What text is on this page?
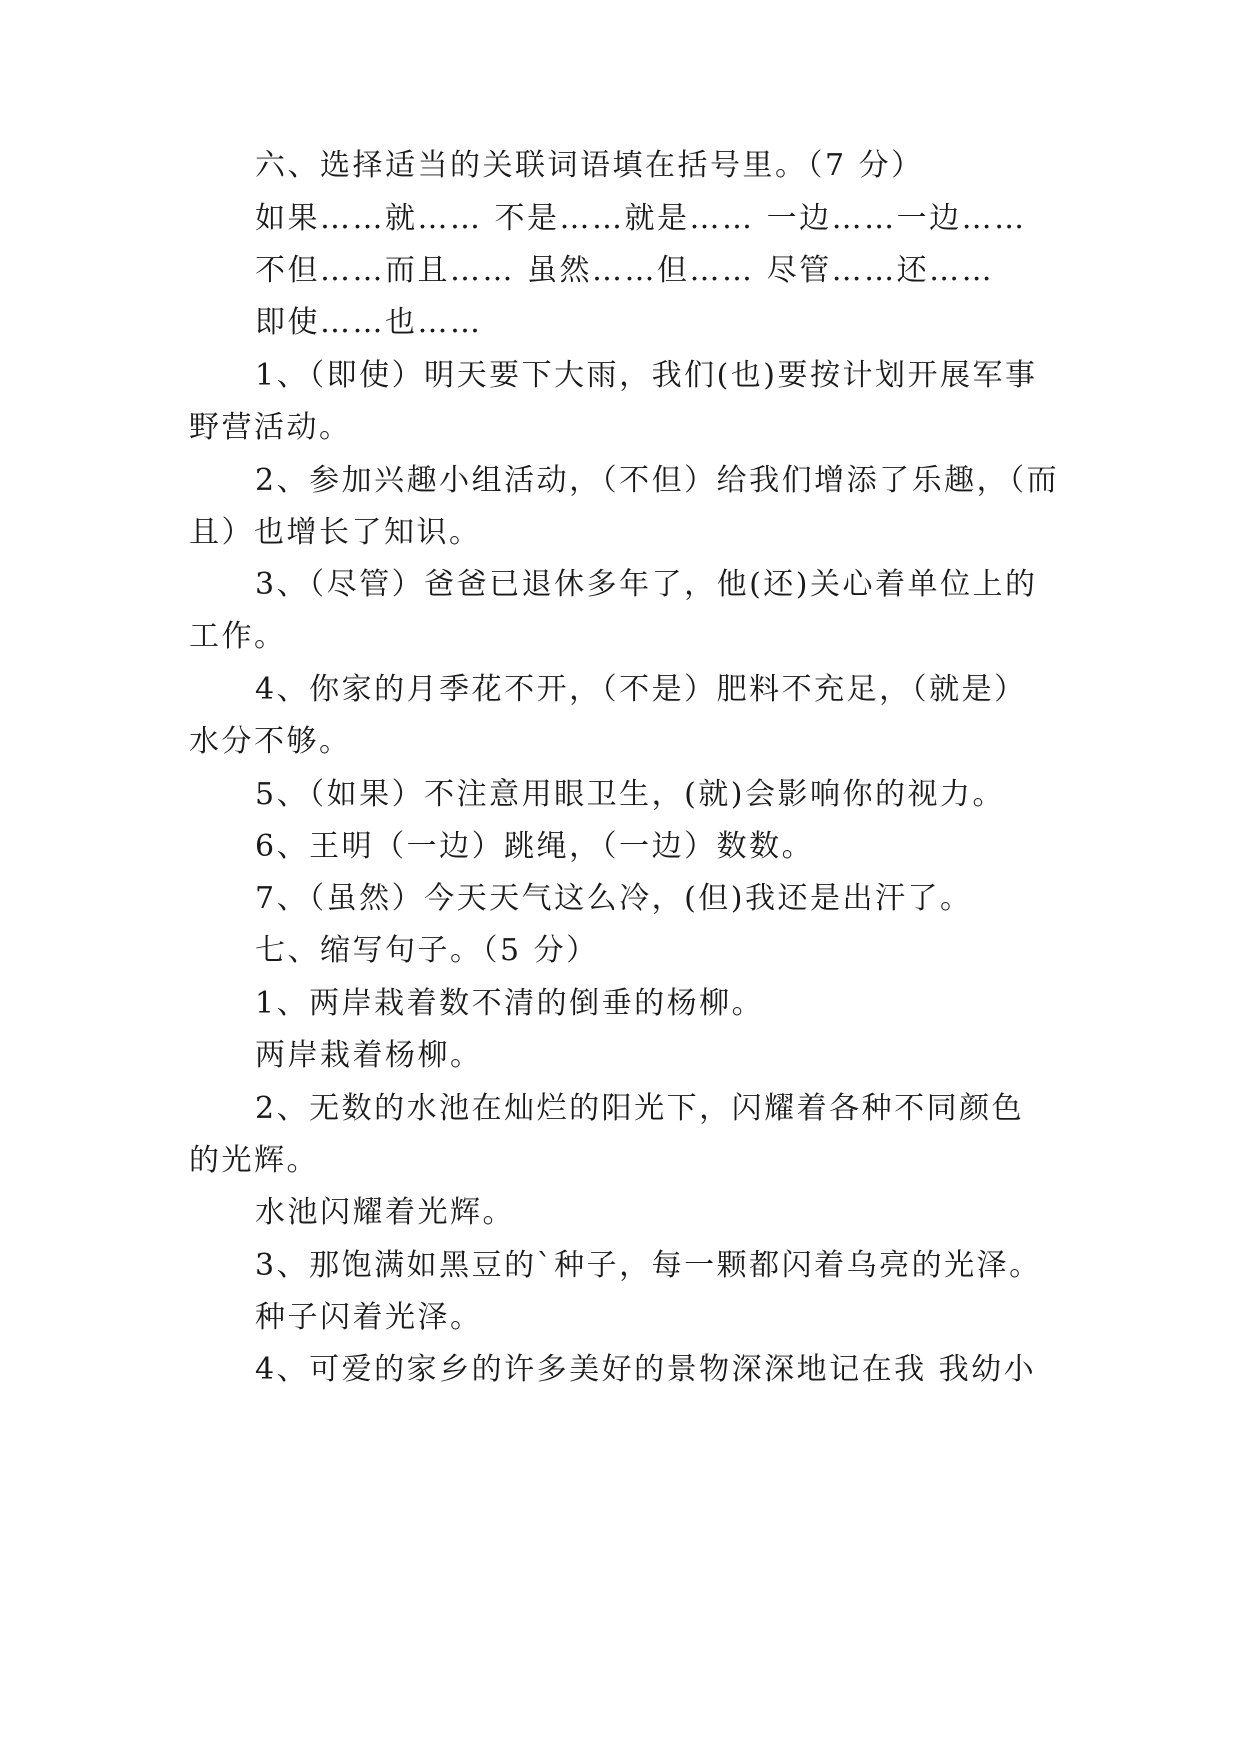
六、选择适当的关联词语填在括号里。（7 分）
如果……就…… 不是……就是…… 一边……一边……
不但……而且…… 虽然……但…… 尽管……还……
即使……也……
1、（即使）明天要下大雨，我们(也)要按计划开展军事
野营活动。
2、参加兴趣小组活动，（不但）给我们增添了乐趣，（而
且）也增长了知识。
3、（尽管）爸爸已退休多年了，他(还)关心着单位上的
工作。
4、你家的月季花不开，（不是）肥料不充足，（就是）
水分不够。
5、（如果）不注意用眼卫生，(就)会影响你的视力。
6、王明（一边）跳绳，（一边）数数。
7、（虽然）今天天气这么冷，(但)我还是出汗了。
七、缩写句子。（5 分）
1、两岸栽着数不清的倒垂的杨柳。
两岸栽着杨柳。
2、无数的水池在灿烂的阳光下，闪耀着各种不同颜色
的光辉。
水池闪耀着光辉。
3、那饱满如黑豆的`种子，每一颗都闪着乌亮的光泽。
种子闪着光泽。
4、可爱的家乡的许多美好的景物深深地记在我 我幼小
